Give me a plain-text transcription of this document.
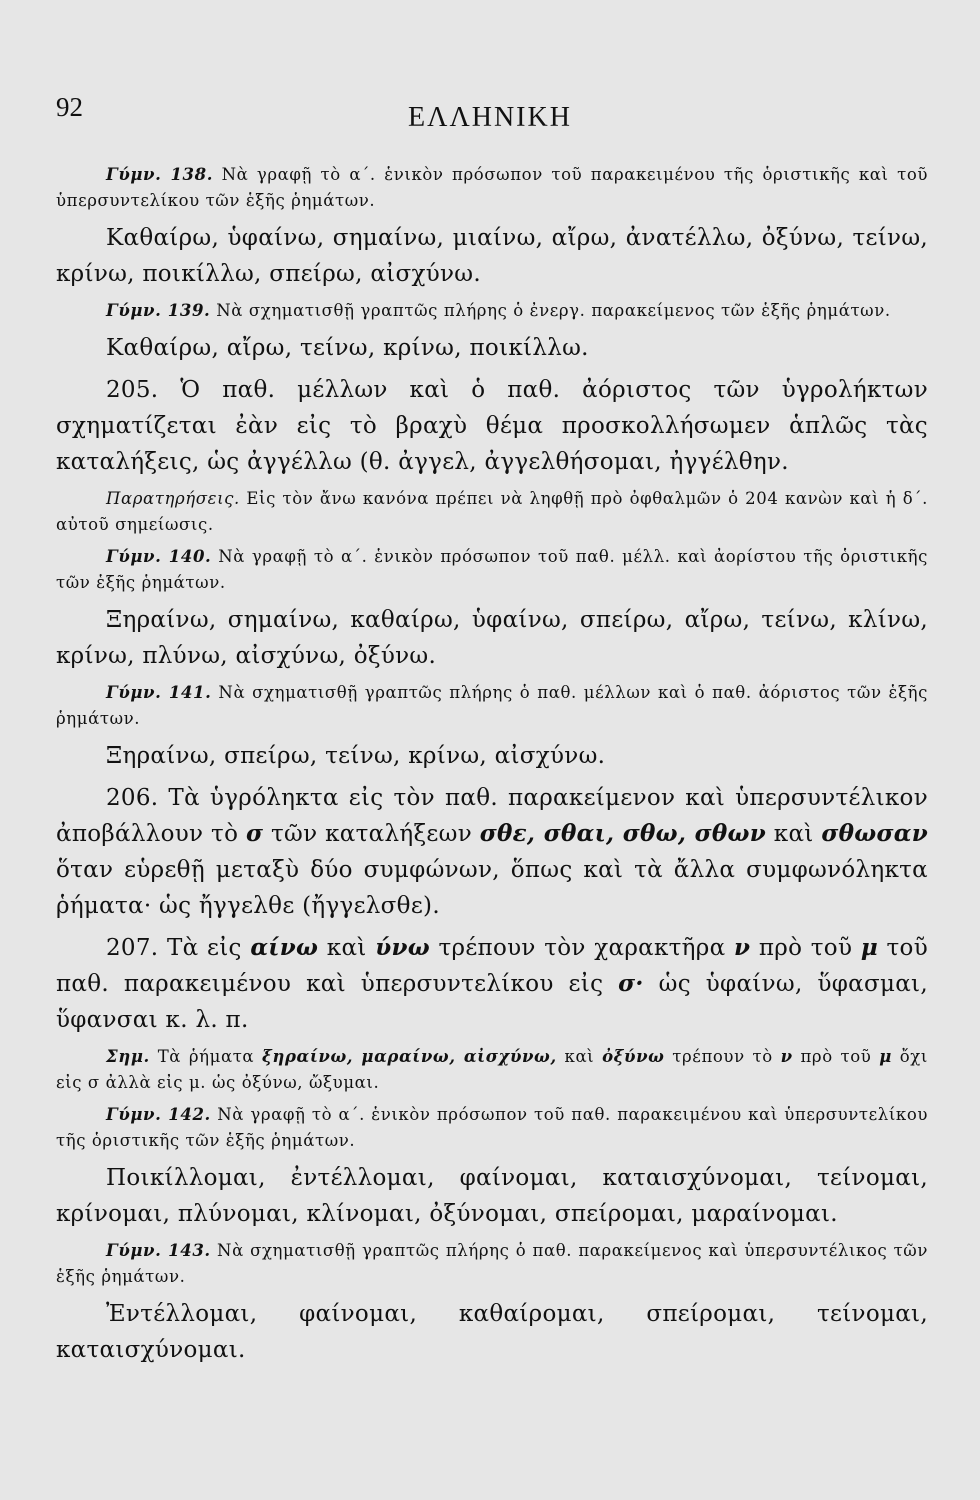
92	ΕΛΛΗΝΙΚΗ

Γύμν. 138. Νὰ γραφῇ τὸ α΄. ἑνικὸν πρόσωπον τοῦ παρακειμένου τῆς ὁριστικῆς καὶ τοῦ ὑπερσυντελίκου τῶν ἑξῆς ῥημάτων.

Καθαίρω, ὑφαίνω, σημαίνω, μιαίνω, αἴρω, ἀνατέλλω, ὀξύνω, τείνω, κρίνω, ποικίλλω, σπείρω, αἰσχύνω.

Γύμν. 139. Νὰ σχηματισθῇ γραπτῶς πλήρης ὁ ἐνεργ. παρακείμενος τῶν ἑξῆς ῥημάτων.

Καθαίρω, αἴρω, τείνω, κρίνω, ποικίλλω.

205. Ὁ παθ. μέλλων καὶ ὁ παθ. ἀόριστος τῶν ὑγρολήκτων σχηματίζεται ἐὰν εἰς τὸ βραχὺ θέμα προσκολλήσωμεν ἁπλῶς τὰς καταλήξεις, ὡς ἀγγέλλω (θ. ἀγγελ, ἀγγελθήσομαι, ἠγγέλθην.

Παρατηρήσεις. Εἰς τὸν ἄνω κανόνα πρέπει νὰ ληφθῇ πρὸ ὀφθαλμῶν ὁ 204 κανὼν καὶ ἡ δ΄. αὐτοῦ σημείωσις.

Γύμν. 140. Νὰ γραφῇ τὸ α΄. ἑνικὸν πρόσωπον τοῦ παθ. μέλλ. καὶ ἀορίστου τῆς ὁριστικῆς τῶν ἑξῆς ῥημάτων.

Ξηραίνω, σημαίνω, καθαίρω, ὑφαίνω, σπείρω, αἴρω, τείνω, κλίνω, κρίνω, πλύνω, αἰσχύνω, ὀξύνω.

Γύμν. 141. Νὰ σχηματισθῇ γραπτῶς πλήρης ὁ παθ. μέλλων καὶ ὁ παθ. ἀόριστος τῶν ἑξῆς ῥημάτων.

Ξηραίνω, σπείρω, τείνω, κρίνω, αἰσχύνω.

206. Τὰ ὑγρόληκτα εἰς τὸν παθ. παρακείμενον καὶ ὑπερσυντέλικον ἀποβάλλουν τὸ σ τῶν καταλήξεων σθε, σθαι, σθω, σθων καὶ σθωσαν ὅταν εὑρεθῇ μεταξὺ δύο συμφώνων, ὅπως καὶ τὰ ἄλλα συμφωνόληκτα ῥήματα· ὡς ἤγγελθε (ἤγγελσθε).

207. Τὰ εἰς αίνω καὶ ύνω τρέπουν τὸν χαρακτῆρα ν πρὸ τοῦ μ τοῦ παθ. παρακειμένου καὶ ὑπερσυντελίκου εἰς σ· ὡς ὑφαίνω, ὕφασμαι, ὕφανσαι κ. λ. π.

Σημ. Τὰ ῥήματα ξηραίνω, μαραίνω, αἰσχύνω, καὶ ὀξύνω τρέπουν τὸ ν πρὸ τοῦ μ ὄχι εἰς σ ἀλλὰ εἰς μ. ὡς ὀξύνω, ὤξυμαι.

Γύμν. 142. Νὰ γραφῇ τὸ α΄. ἑνικὸν πρόσωπον τοῦ παθ. παρακειμένου καὶ ὑπερσυντελίκου τῆς ὁριστικῆς τῶν ἑξῆς ῥημάτων.

Ποικίλλομαι, ἐντέλλομαι, φαίνομαι, καταισχύνομαι, τείνομαι, κρίνομαι, πλύνομαι, κλίνομαι, ὀξύνομαι, σπείρομαι, μαραίνομαι.

Γύμν. 143. Νὰ σχηματισθῇ γραπτῶς πλήρης ὁ παθ. παρακείμενος καὶ ὑπερσυντέλικος τῶν ἑξῆς ῥημάτων.

Ἐντέλλομαι, φαίνομαι, καθαίρομαι, σπείρομαι, τείνομαι, καταισχύνομαι.
